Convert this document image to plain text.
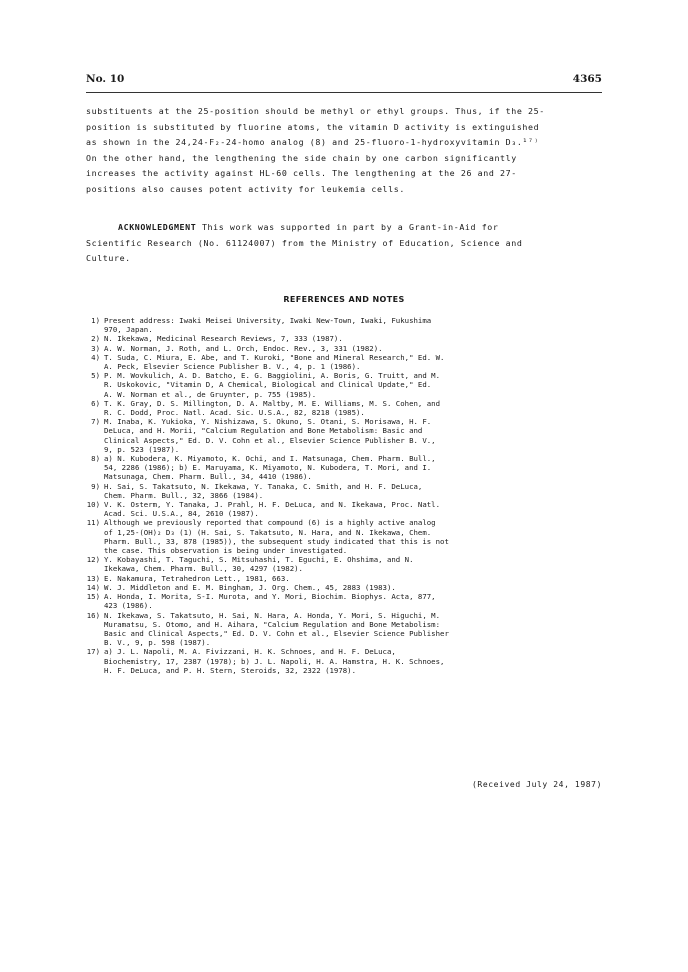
No. 10	4365
substituents at the 25-position should be methyl or ethyl groups. Thus, if the 25-
position is substituted by fluorine atoms, the vitamin D activity is extinguished
as shown in the 24,24-F₂-24-homo analog (8) and 25-fluoro-1-hydroxyvitamin D₃.¹⁷⁾
On the other hand, the lengthening the side chain by one carbon significantly
increases the activity against HL-60 cells. The lengthening at the 26 and 27-
positions also causes potent activity for leukemia cells.
ACKNOWLEDGMENT This work was supported in part by a Grant-in-Aid for
Scientific Research (No. 61124007) from the Ministry of Education, Science and
Culture.
REFERENCES AND NOTES
1) Present address: Iwaki Meisei University, Iwaki New-Town, Iwaki, Fukushima
970, Japan.
2) N. Ikekawa, Medicinal Research Reviews, 7, 333 (1987).
3) A. W. Norman, J. Roth, and L. Orch, Endoc. Rev., 3, 331 (1982).
4) T. Suda, C. Miura, E. Abe, and T. Kuroki, "Bone and Mineral Research," Ed. W.
A. Peck, Elsevier Science Publisher B. V., 4, p. 1 (1986).
5) P. M. Wovkulich, A. D. Batcho, E. G. Baggiolini, A. Boris, G. Truitt, and M.
R. Uskokovic, "Vitamin D, A Chemical, Biological and Clinical Update," Ed.
A. W. Norman et al., de Gruynter, p. 755 (1985).
6) T. K. Gray, D. S. Millington, D. A. Maltby, M. E. Williams, M. S. Cohen, and
R. C. Dodd, Proc. Natl. Acad. Sic. U.S.A., 82, 8218 (1985).
7) M. Inaba, K. Yukioka, Y. Nishizawa, S. Okuno, S. Otani, S. Morisawa, H. F.
DeLuca, and H. Morii, "Calcium Regulation and Bone Metabolism: Basic and
Clinical Aspects," Ed. D. V. Cohn et al., Elsevier Science Publisher B. V.,
9, p. 523 (1987).
8) a) N. Kubodera, K. Miyamoto, K. Ochi, and I. Matsunaga, Chem. Pharm. Bull.,
54, 2286 (1986); b) E. Maruyama, K. Miyamoto, N. Kubodera, T. Mori, and I.
Matsunaga, Chem. Pharm. Bull., 34, 4410 (1986).
9) H. Sai, S. Takatsuto, N. Ikekawa, Y. Tanaka, C. Smith, and H. F. DeLuca,
Chem. Pharm. Bull., 32, 3866 (1984).
10) V. K. Osterm, Y. Tanaka, J. Prahl, H. F. DeLuca, and N. Ikekawa, Proc. Natl.
Acad. Sci. U.S.A., 84, 2610 (1987).
11) Although we previously reported that compound (6) is a highly active analog
of 1,25-(OH)₂ D₃ (1) (H. Sai, S. Takatsuto, N. Hara, and N. Ikekawa, Chem.
Pharm. Bull., 33, 878 (1985)), the subsequent study indicated that this is not
the case. This observation is being under investigated.
12) Y. Kobayashi, T. Taguchi, S. Mitsuhashi, T. Eguchi, E. Ohshima, and N.
Ikekawa, Chem. Pharm. Bull., 30, 4297 (1982).
13) E. Nakamura, Tetrahedron Lett., 1981, 663.
14) W. J. Middleton and E. M. Bingham, J. Org. Chem., 45, 2883 (1983).
15) A. Honda, I. Morita, S-I. Murota, and Y. Mori, Biochim. Biophys. Acta, 877,
423 (1986).
16) N. Ikekawa, S. Takatsuto, H. Sai, N. Hara, A. Honda, Y. Mori, S. Higuchi, M.
Muramatsu, S. Otomo, and H. Aihara, "Calcium Regulation and Bone Metabolism:
Basic and Clinical Aspects," Ed. D. V. Cohn et al., Elsevier Science Publisher
B. V., 9, p. 598 (1987).
17) a) J. L. Napoli, M. A. Fivizzani, H. K. Schnoes, and H. F. DeLuca,
Biochemistry, 17, 2387 (1978); b) J. L. Napoli, H. A. Hamstra, H. K. Schnoes,
H. F. DeLuca, and P. H. Stern, Steroids, 32, 2322 (1978).
(Received July 24, 1987)
